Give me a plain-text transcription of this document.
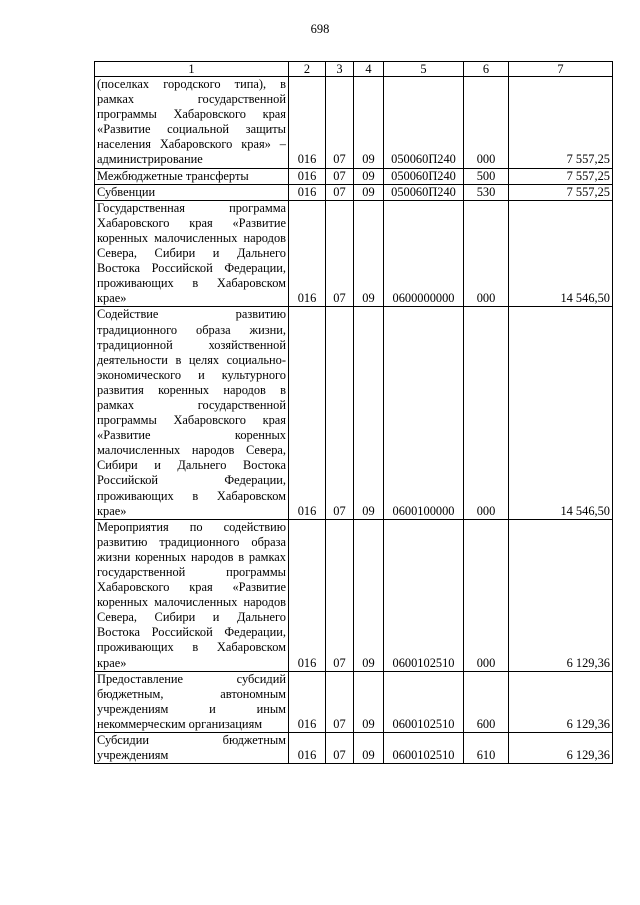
698
1	2	3	4	5	6	7
(поселках городского типа), в рамках государственной программы Хабаровского края «Развитие социальной защиты населения Хабаровского края» – администрирование	016	07	09	050060П240	000	7 557,25
Межбюджетные трансферты	016	07	09	050060П240	500	7 557,25
Субвенции	016	07	09	050060П240	530	7 557,25
Государственная программа Хабаровского края «Развитие коренных малочисленных народов Севера, Сибири и Дальнего Востока Российской Федерации, проживающих в Хабаровском крае»	016	07	09	0600000000	000	14 546,50
Содействие развитию традиционного образа жизни, традиционной хозяйственной деятельности в целях социально-экономического и культурного развития коренных народов в рамках государственной программы Хабаровского края «Развитие коренных малочисленных народов Севера, Сибири и Дальнего Востока Российской Федерации, проживающих в Хабаровском крае»	016	07	09	0600100000	000	14 546,50
Мероприятия по содействию развитию традиционного образа жизни коренных народов в рамках государственной программы Хабаровского края «Развитие коренных малочисленных народов Севера, Сибири и Дальнего Востока Российской Федерации, проживающих в Хабаровском крае»	016	07	09	0600102510	000	6 129,36
Предоставление субсидий бюджетным, автономным учреждениям и иным некоммерческим организациям	016	07	09	0600102510	600	6 129,36
Субсидии бюджетным учреждениям	016	07	09	0600102510	610	6 129,36
